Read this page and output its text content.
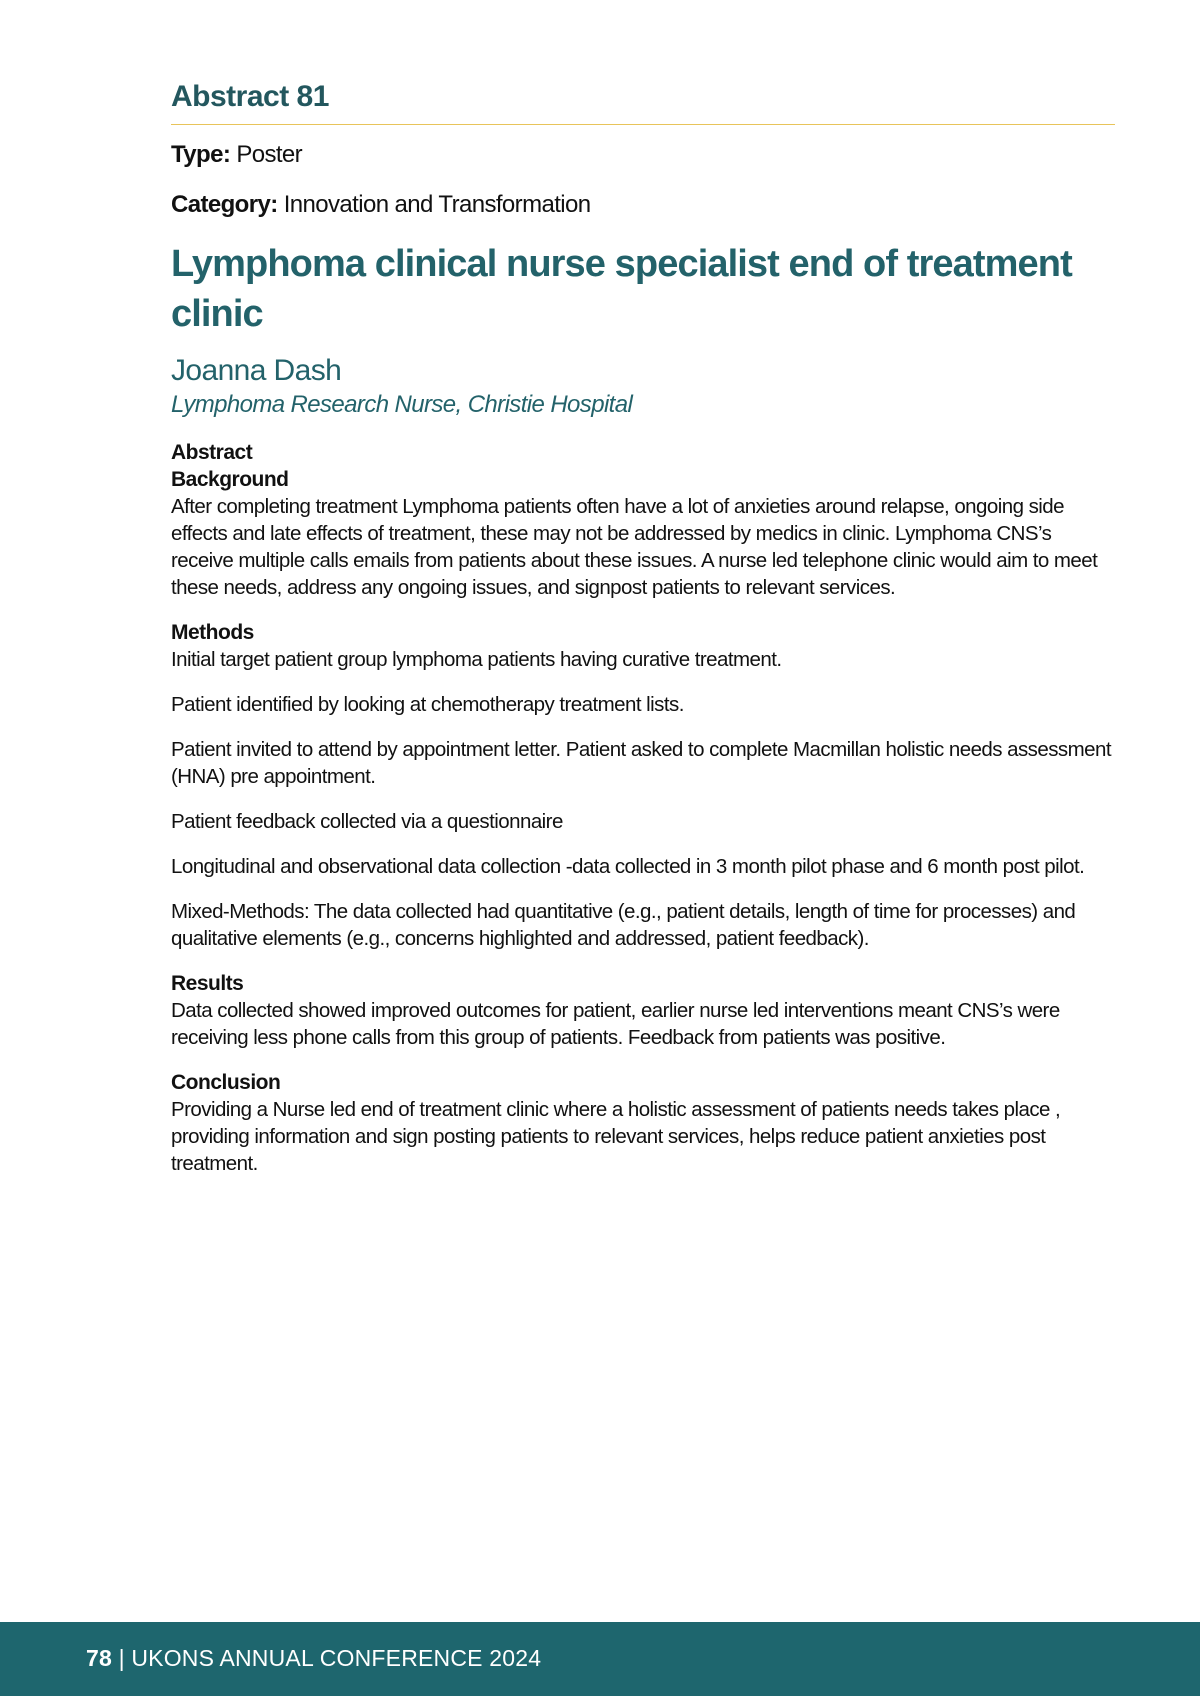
Abstract 81

Type: Poster

Category: Innovation and Transformation

Lymphoma clinical nurse specialist end of treatment clinic

Joanna Dash

Lymphoma Research Nurse, Christie Hospital

Abstract

Background

After completing treatment Lymphoma patients often have a lot of anxieties around relapse, ongoing side effects and late effects of treatment, these may not be addressed by medics in clinic. Lymphoma CNS’s receive multiple calls emails from patients about these issues. A nurse led telephone clinic would aim to meet these needs, address any ongoing issues, and signpost patients to relevant services.

Methods

Initial target patient group lymphoma patients having curative treatment.

Patient identified by looking at chemotherapy treatment lists.

Patient invited to attend by appointment letter. Patient asked to complete Macmillan holistic needs assessment (HNA) pre appointment.

Patient feedback collected via a questionnaire

Longitudinal and observational data collection -data collected in 3 month pilot phase and 6 month post pilot.

Mixed-Methods: The data collected had quantitative (e.g., patient details, length of time for processes) and qualitative elements (e.g., concerns highlighted and addressed, patient feedback).

Results

Data collected showed improved outcomes for patient, earlier nurse led interventions meant CNS’s were receiving less phone calls from this group of patients. Feedback from patients was positive.

Conclusion

Providing a Nurse led end of treatment clinic where a holistic assessment of patients needs takes place , providing information and sign posting patients to relevant services, helps reduce patient anxieties post treatment.

78 | UKONS ANNUAL CONFERENCE 2024
